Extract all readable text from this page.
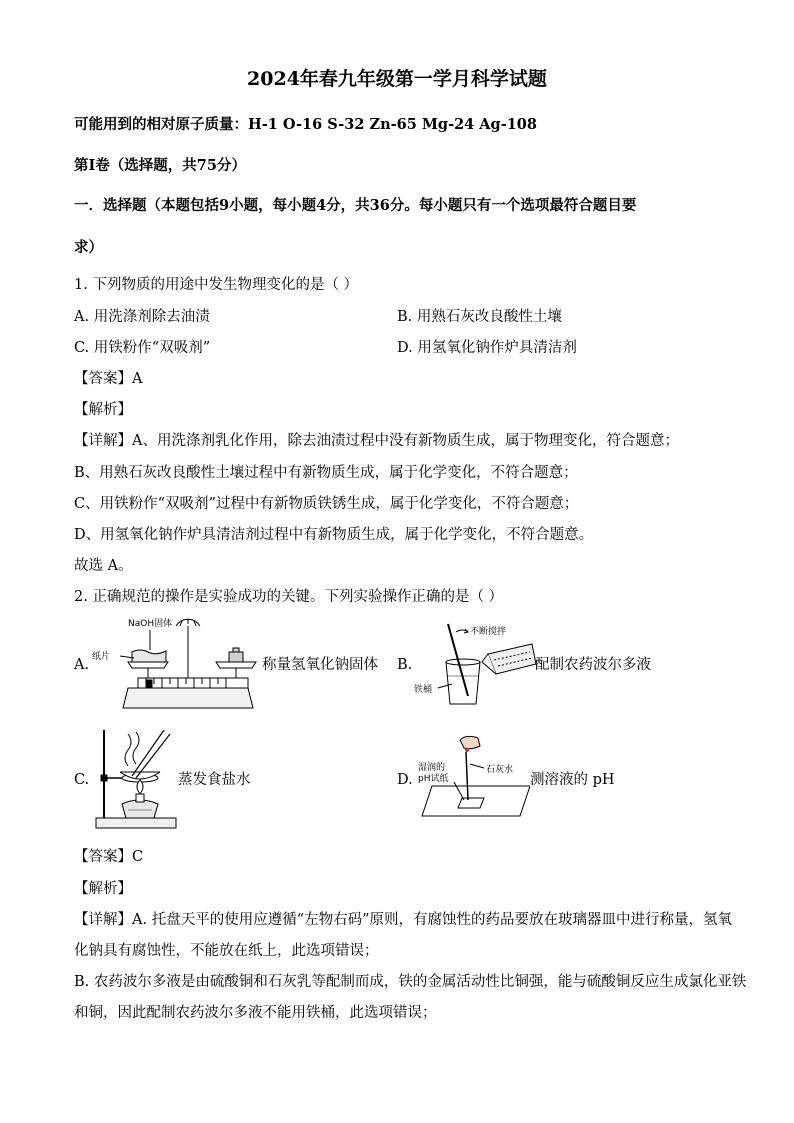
2024年春九年级第一学月科学试题
可能用到的相对原子质量：H-1 O-16 S-32 Zn-65 Mg-24 Ag-108
第Ⅰ卷（选择题，共75分）
一．选择题（本题包括9小题，每小题4分，共36分。每小题只有一个选项最符合题目要
求）
1. 下列物质的用途中发生物理变化的是（ ）
A. 用洗涤剂除去油渍	B. 用熟石灰改良酸性土壤
C. 用铁粉作“双吸剂”	D. 用氢氧化钠作炉具清洁剂
【答案】A
【解析】
【详解】A、用洗涤剂乳化作用，除去油渍过程中没有新物质生成，属于物理变化，符合题意；
B、用熟石灰改良酸性土壤过程中有新物质生成，属于化学变化，不符合题意；
C、用铁粉作“双吸剂”过程中有新物质铁锈生成，属于化学变化，不符合题意；
D、用氢氧化钠作炉具清洁剂过程中有新物质生成，属于化学变化，不符合题意。
故选 A。
2. 正确规范的操作是实验成功的关键。下列实验操作正确的是（ ）
A.
NaOH固体
纸片	称量氢氧化钠固体 B.
不断搅拌
铁桶
配制农药波尔多液
C.	蒸发食盐水	D.
湿润的
pH试纸
石灰水
测溶液的 pH
【答案】C
【解析】
【详解】A. 托盘天平的使用应遵循“左物右码”原则，有腐蚀性的药品要放在玻璃器皿中进行称量，氢氧
化钠具有腐蚀性，不能放在纸上，此选项错误；
B. 农药波尔多液是由硫酸铜和石灰乳等配制而成，铁的金属活动性比铜强，能与硫酸铜反应生成氯化亚铁
和铜，因此配制农药波尔多液不能用铁桶，此选项错误；
